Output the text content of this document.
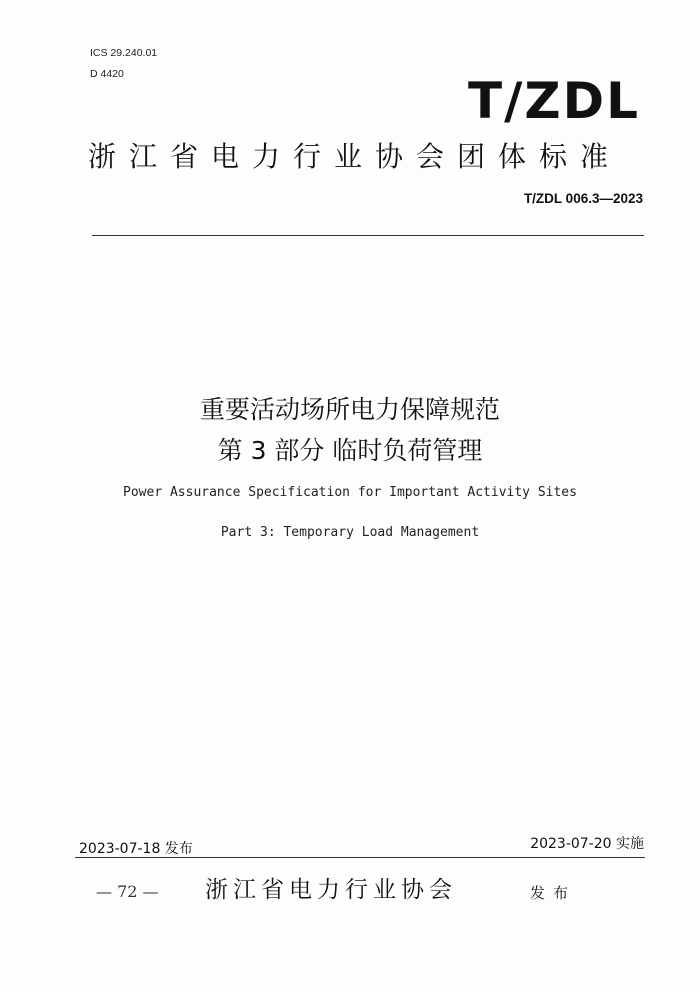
ICS 29.240.01
D 4420	T/ZDL
浙江省电力行业协会团体标准
T/ZDL 006.3—2023
重要活动场所电力保障规范
第 3 部分 临时负荷管理
Power Assurance Specification for Important Activity Sites
Part 3: Temporary Load Management
2023-07-18 发布	2023-07-20 实施
— 72 — 浙江省电力行业协会	发布
